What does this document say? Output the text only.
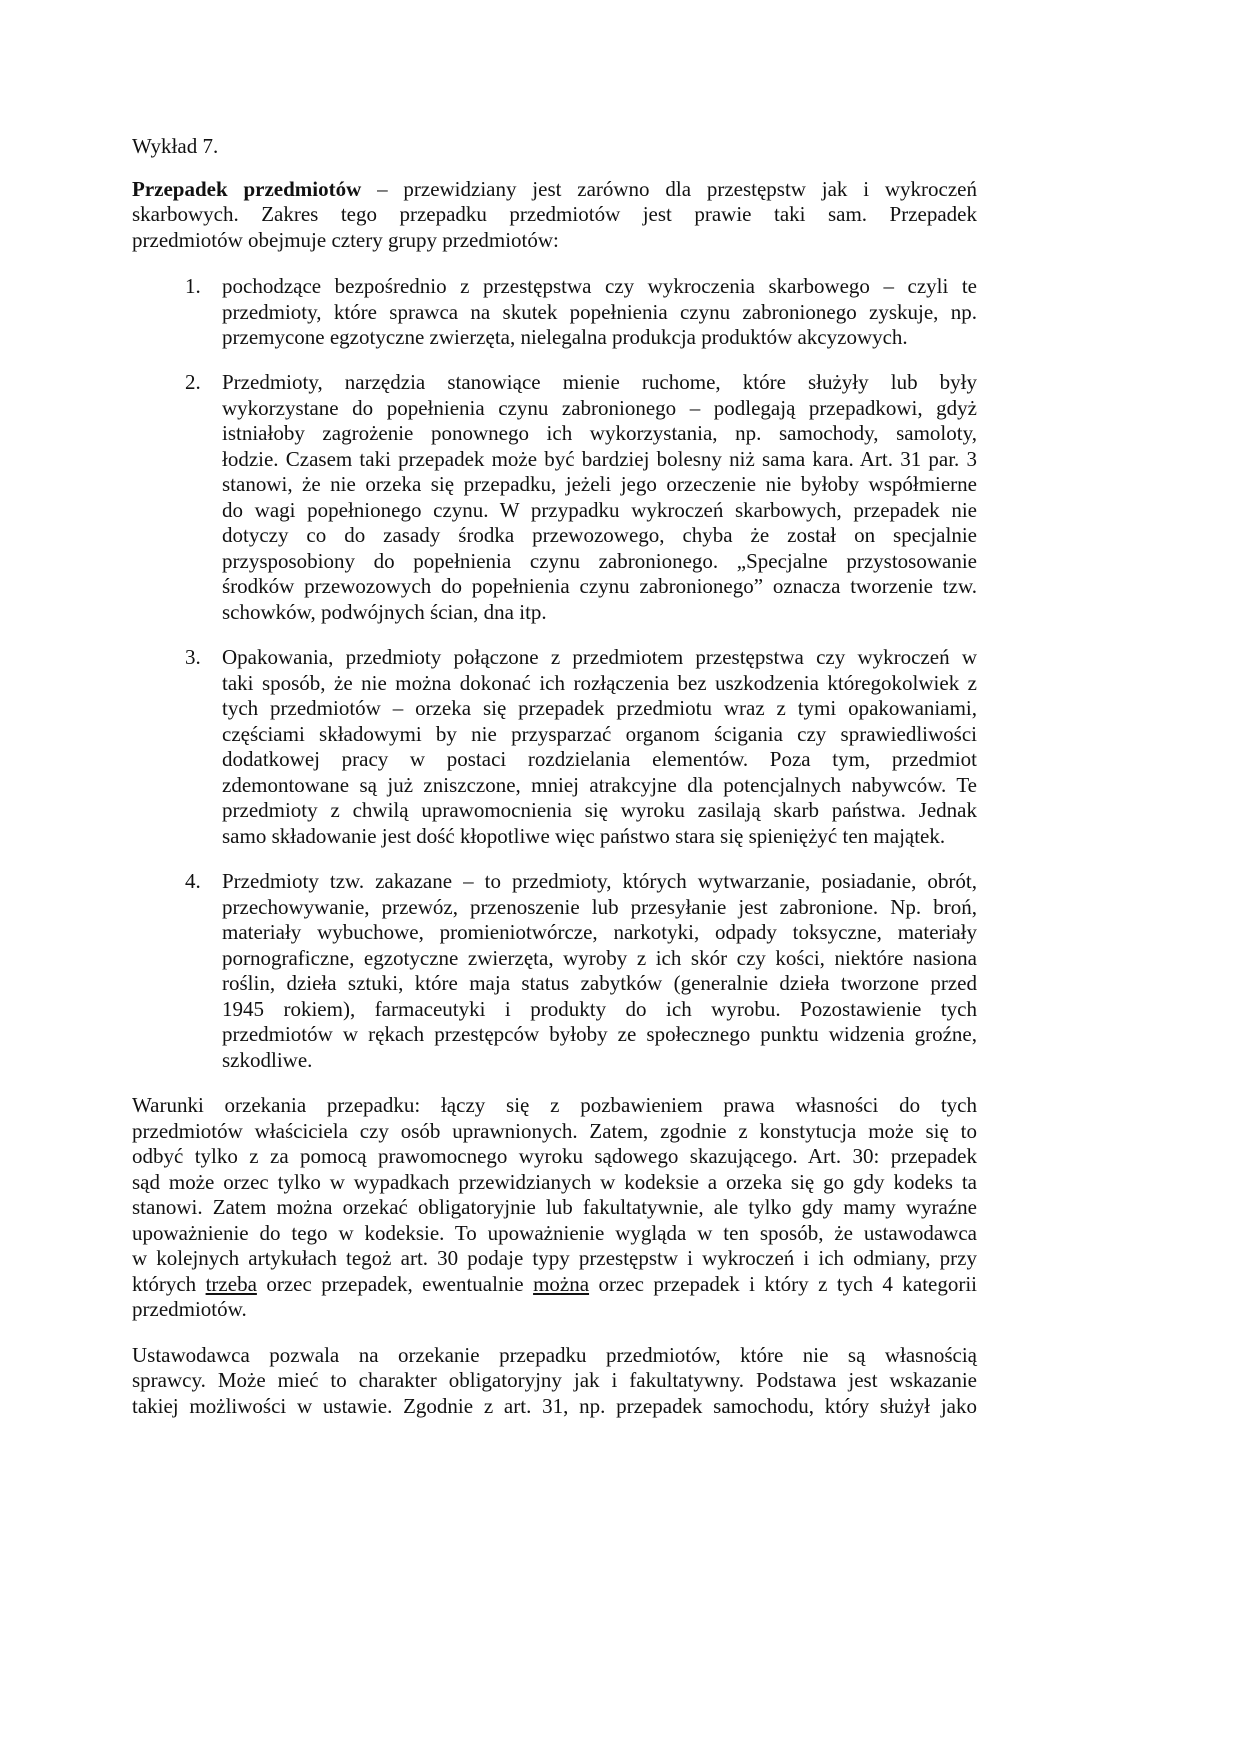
Wykład 7.
Przepadek przedmiotów – przewidziany jest zarówno dla przestępstw jak i wykroczeń
skarbowych. Zakres tego przepadku przedmiotów jest prawie taki sam. Przepadek
przedmiotów obejmuje cztery grupy przedmiotów:
1. pochodzące bezpośrednio z przestępstwa czy wykroczenia skarbowego – czyli te
przedmioty, które sprawca na skutek popełnienia czynu zabronionego zyskuje, np.
przemycone egzotyczne zwierzęta, nielegalna produkcja produktów akcyzowych.
2. Przedmioty, narzędzia stanowiące mienie ruchome, które służyły lub były
wykorzystane do popełnienia czynu zabronionego – podlegają przepadkowi, gdyż
istniałoby zagrożenie ponownego ich wykorzystania, np. samochody, samoloty,
łodzie. Czasem taki przepadek może być bardziej bolesny niż sama kara. Art. 31 par. 3
stanowi, że nie orzeka się przepadku, jeżeli jego orzeczenie nie byłoby współmierne
do wagi popełnionego czynu. W przypadku wykroczeń skarbowych, przepadek nie
dotyczy co do zasady środka przewozowego, chyba że został on specjalnie
przysposobiony do popełnienia czynu zabronionego. „Specjalne przystosowanie
środków przewozowych do popełnienia czynu zabronionego” oznacza tworzenie tzw.
schowków, podwójnych ścian, dna itp.
3. Opakowania, przedmioty połączone z przedmiotem przestępstwa czy wykroczeń w
taki sposób, że nie można dokonać ich rozłączenia bez uszkodzenia któregokolwiek z
tych przedmiotów – orzeka się przepadek przedmiotu wraz z tymi opakowaniami,
częściami składowymi by nie przysparzać organom ścigania czy sprawiedliwości
dodatkowej pracy w postaci rozdzielania elementów. Poza tym, przedmiot
zdemontowane są już zniszczone, mniej atrakcyjne dla potencjalnych nabywców. Te
przedmioty z chwilą uprawomocnienia się wyroku zasilają skarb państwa. Jednak
samo składowanie jest dość kłopotliwe więc państwo stara się spieniężyć ten majątek.
4. Przedmioty tzw. zakazane – to przedmioty, których wytwarzanie, posiadanie, obrót,
przechowywanie, przewóz, przenoszenie lub przesyłanie jest zabronione. Np. broń,
materiały wybuchowe, promieniotwórcze, narkotyki, odpady toksyczne, materiały
pornograficzne, egzotyczne zwierzęta, wyroby z ich skór czy kości, niektóre nasiona
roślin, dzieła sztuki, które maja status zabytków (generalnie dzieła tworzone przed
1945 rokiem), farmaceutyki i produkty do ich wyrobu. Pozostawienie tych
przedmiotów w rękach przestępców byłoby ze społecznego punktu widzenia groźne,
szkodliwe.
Warunki orzekania przepadku: łączy się z pozbawieniem prawa własności do tych
przedmiotów właściciela czy osób uprawnionych. Zatem, zgodnie z konstytucja może się to
odbyć tylko z za pomocą prawomocnego wyroku sądowego skazującego. Art. 30: przepadek
sąd może orzec tylko w wypadkach przewidzianych w kodeksie a orzeka się go gdy kodeks ta
stanowi. Zatem można orzekać obligatoryjnie lub fakultatywnie, ale tylko gdy mamy wyraźne
upoważnienie do tego w kodeksie. To upoważnienie wygląda w ten sposób, że ustawodawca
w kolejnych artykułach tegoż art. 30 podaje typy przestępstw i wykroczeń i ich odmiany, przy
których trzeba orzec przepadek, ewentualnie można orzec przepadek i który z tych 4 kategorii
przedmiotów.
Ustawodawca pozwala na orzekanie przepadku przedmiotów, które nie są własnością
sprawcy. Może mieć to charakter obligatoryjny jak i fakultatywny. Podstawa jest wskazanie
takiej możliwości w ustawie. Zgodnie z art. 31, np. przepadek samochodu, który służył jako
